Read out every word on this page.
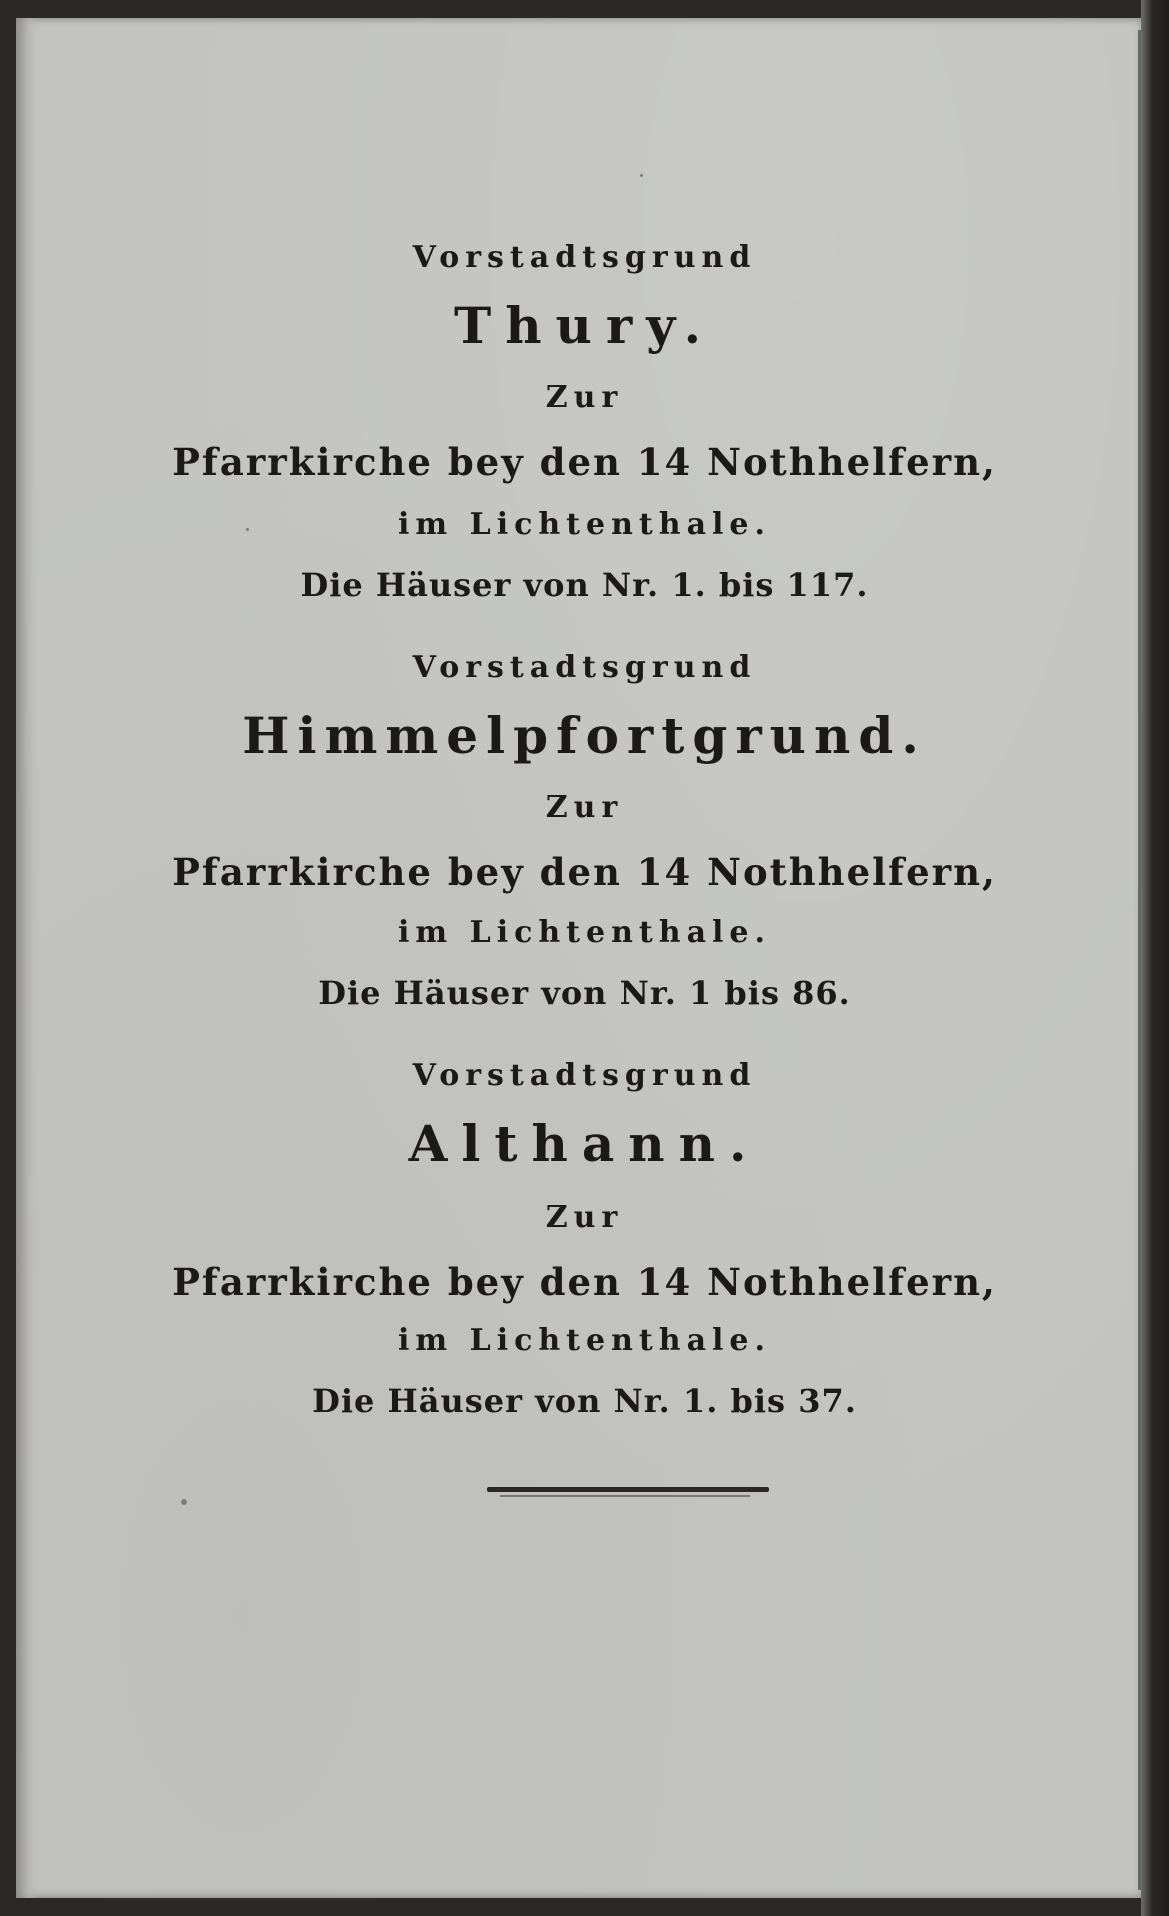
Vorstadtsgrund
Thury.
Zur
Pfarrkirche bey den 14 Nothhelfern,
im Lichtenthale.
Die Häuser von Nr. 1. bis 117.
Vorstadtsgrund
Himmelpfortgrund.
Zur
Pfarrkirche bey den 14 Nothhelfern,
im Lichtenthale.
Die Häuser von Nr. 1 bis 86.
Vorstadtsgrund
Althann.
Zur
Pfarrkirche bey den 14 Nothhelfern,
im Lichtenthale.
Die Häuser von Nr. 1. bis 37.
